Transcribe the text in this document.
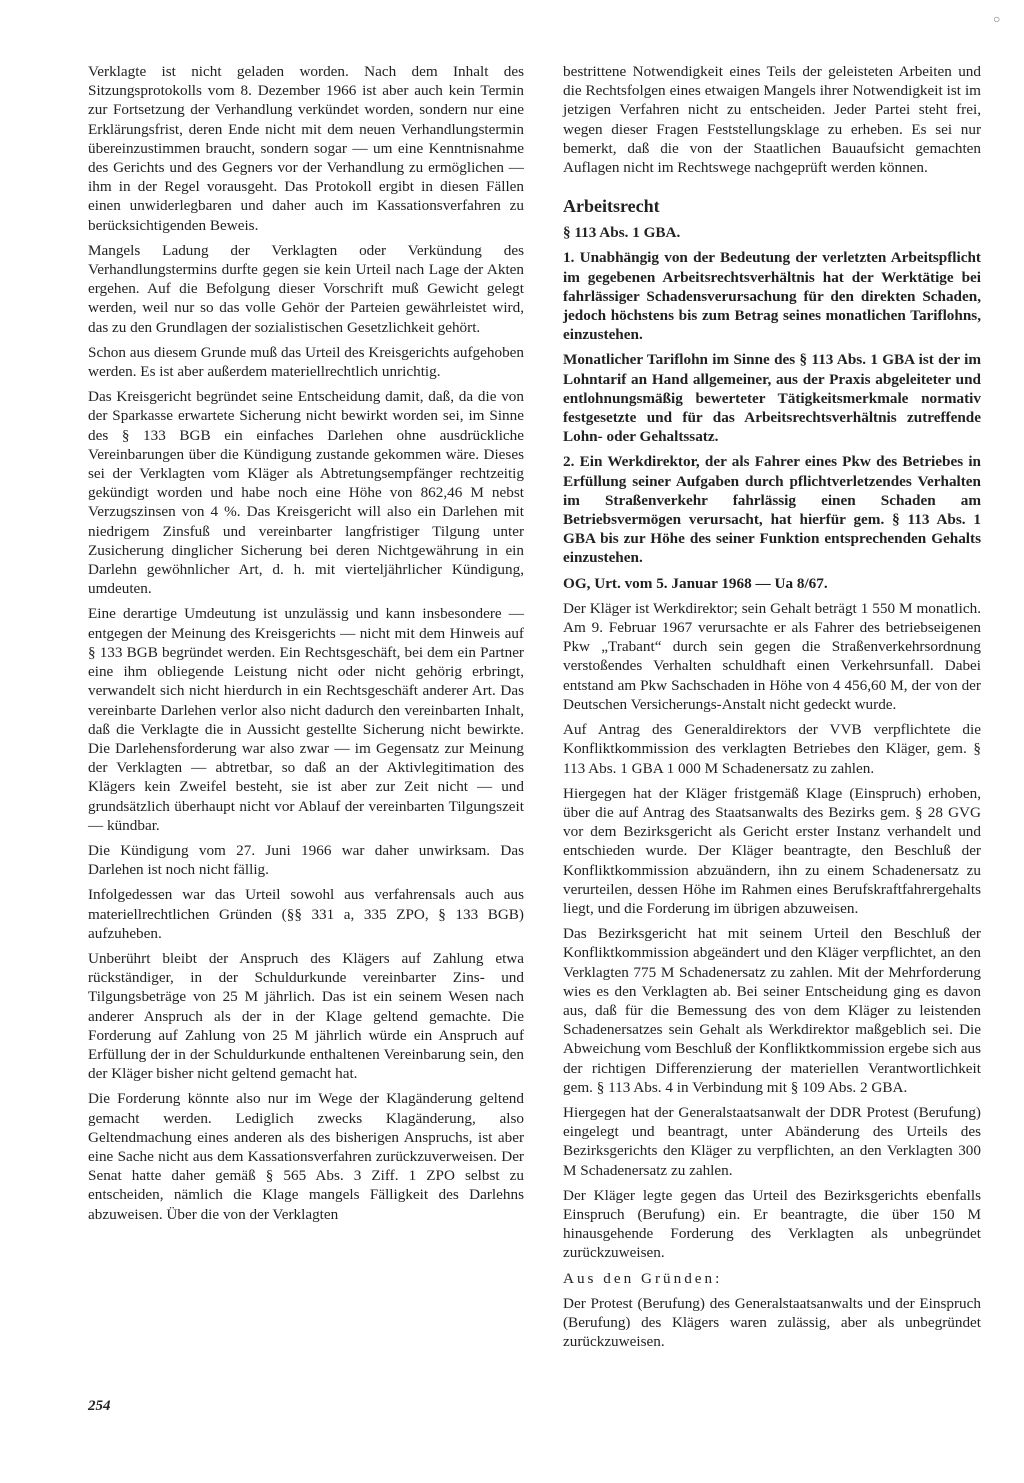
○

Verklagte ist nicht geladen worden. Nach dem Inhalt des Sitzungsprotokolls vom 8. Dezember 1966 ist aber auch kein Termin zur Fortsetzung der Verhandlung verkündet worden, sondern nur eine Erklärungsfrist, deren Ende nicht mit dem neuen Verhandlungstermin übereinzustimmen braucht, sondern sogar — um eine Kenntnisnahme des Gerichts und des Gegners vor der Verhandlung zu ermöglichen — ihm in der Regel vorausgeht. Das Protokoll ergibt in diesen Fällen einen unwiderlegbaren und daher auch im Kassationsverfahren zu berücksichtigenden Beweis.

Mangels Ladung der Verklagten oder Verkündung des Verhandlungstermins durfte gegen sie kein Urteil nach Lage der Akten ergehen. Auf die Befolgung dieser Vorschrift muß Gewicht gelegt werden, weil nur so das volle Gehör der Parteien gewährleistet wird, das zu den Grundlagen der sozialistischen Gesetzlichkeit gehört.

Schon aus diesem Grunde muß das Urteil des Kreisgerichts aufgehoben werden. Es ist aber außerdem materiellrechtlich unrichtig.

Das Kreisgericht begründet seine Entscheidung damit, daß, da die von der Sparkasse erwartete Sicherung nicht bewirkt worden sei, im Sinne des § 133 BGB ein einfaches Darlehen ohne ausdrückliche Vereinbarungen über die Kündigung zustande gekommen wäre. Dieses sei der Verklagten vom Kläger als Abtretungsempfänger rechtzeitig gekündigt worden und habe noch eine Höhe von 862,46 M nebst Verzugszinsen von 4 %. Das Kreisgericht will also ein Darlehen mit niedrigem Zinsfuß und vereinbarter langfristiger Tilgung unter Zusicherung dinglicher Sicherung bei deren Nichtgewährung in ein Darlehn gewöhnlicher Art, d. h. mit vierteljährlicher Kündigung, umdeuten.

Eine derartige Umdeutung ist unzulässig und kann insbesondere — entgegen der Meinung des Kreisgerichts — nicht mit dem Hinweis auf § 133 BGB begründet werden. Ein Rechtsgeschäft, bei dem ein Partner eine ihm obliegende Leistung nicht oder nicht gehörig erbringt, verwandelt sich nicht hierdurch in ein Rechtsgeschäft anderer Art. Das vereinbarte Darlehen verlor also nicht dadurch den vereinbarten Inhalt, daß die Verklagte die in Aussicht gestellte Sicherung nicht bewirkte. Die Darlehensforderung war also zwar — im Gegensatz zur Meinung der Verklagten — abtretbar, so daß an der Aktivlegitimation des Klägers kein Zweifel besteht, sie ist aber zur Zeit nicht — und grundsätzlich überhaupt nicht vor Ablauf der vereinbarten Tilgungszeit — kündbar.

Die Kündigung vom 27. Juni 1966 war daher unwirksam. Das Darlehen ist noch nicht fällig.

Infolgedessen war das Urteil sowohl aus verfahrensals auch aus materiellrechtlichen Gründen (§§ 331 a, 335 ZPO, § 133 BGB) aufzuheben.

Unberührt bleibt der Anspruch des Klägers auf Zahlung etwa rückständiger, in der Schuldurkunde vereinbarter Zins- und Tilgungsbeträge von 25 M jährlich. Das ist ein seinem Wesen nach anderer Anspruch als der in der Klage geltend gemachte. Die Forderung auf Zahlung von 25 M jährlich würde ein Anspruch auf Erfüllung der in der Schuldurkunde enthaltenen Vereinbarung sein, den der Kläger bisher nicht geltend gemacht hat.

Die Forderung könnte also nur im Wege der Klagänderung geltend gemacht werden. Lediglich zwecks Klagänderung, also Geltendmachung eines anderen als des bisherigen Anspruchs, ist aber eine Sache nicht aus dem Kassationsverfahren zurückzuverweisen. Der Senat hatte daher gemäß § 565 Abs. 3 Ziff. 1 ZPO selbst zu entscheiden, nämlich die Klage mangels Fälligkeit des Darlehns abzuweisen. Über die von der Verklagten

bestrittene Notwendigkeit eines Teils der geleisteten Arbeiten und die Rechtsfolgen eines etwaigen Mangels ihrer Notwendigkeit ist im jetzigen Verfahren nicht zu entscheiden. Jeder Partei steht frei, wegen dieser Fragen Feststellungsklage zu erheben. Es sei nur bemerkt, daß die von der Staatlichen Bauaufsicht gemachten Auflagen nicht im Rechtswege nachgeprüft werden können.

Arbeitsrecht

§ 113 Abs. 1 GBA.

1. Unabhängig von der Bedeutung der verletzten Arbeitspflicht im gegebenen Arbeitsrechtsverhältnis hat der Werktätige bei fahrlässiger Schadensverursachung für den direkten Schaden, jedoch höchstens bis zum Betrag seines monatlichen Tariflohns, einzustehen.

Monatlicher Tariflohn im Sinne des § 113 Abs. 1 GBA ist der im Lohntarif an Hand allgemeiner, aus der Praxis abgeleiteter und entlohnungsmäßig bewerteter Tätigkeitsmerkmale normativ festgesetzte und für das Arbeitsrechtsverhältnis zutreffende Lohn- oder Gehaltssatz.

2. Ein Werkdirektor, der als Fahrer eines Pkw des Betriebes in Erfüllung seiner Aufgaben durch pflichtverletzendes Verhalten im Straßenverkehr fahrlässig einen Schaden am Betriebsvermögen verursacht, hat hierfür gem. § 113 Abs. 1 GBA bis zur Höhe des seiner Funktion entsprechenden Gehalts einzustehen.

OG, Urt. vom 5. Januar 1968 — Ua 8/67.

Der Kläger ist Werkdirektor; sein Gehalt beträgt 1 550 M monatlich. Am 9. Februar 1967 verursachte er als Fahrer des betriebseigenen Pkw „Trabant“ durch sein gegen die Straßenverkehrsordnung verstoßendes Verhalten schuldhaft einen Verkehrsunfall. Dabei entstand am Pkw Sachschaden in Höhe von 4 456,60 M, der von der Deutschen Versicherungs-Anstalt nicht gedeckt wurde.

Auf Antrag des Generaldirektors der VVB verpflichtete die Konfliktkommission des verklagten Betriebes den Kläger, gem. § 113 Abs. 1 GBA 1 000 M Schadenersatz zu zahlen.

Hiergegen hat der Kläger fristgemäß Klage (Einspruch) erhoben, über die auf Antrag des Staatsanwalts des Bezirks gem. § 28 GVG vor dem Bezirksgericht als Gericht erster Instanz verhandelt und entschieden wurde. Der Kläger beantragte, den Beschluß der Konfliktkommission abzuändern, ihn zu einem Schadenersatz zu verurteilen, dessen Höhe im Rahmen eines Berufskraftfahrergehalts liegt, und die Forderung im übrigen abzuweisen.

Das Bezirksgericht hat mit seinem Urteil den Beschluß der Konfliktkommission abgeändert und den Kläger verpflichtet, an den Verklagten 775 M Schadenersatz zu zahlen. Mit der Mehrforderung wies es den Verklagten ab. Bei seiner Entscheidung ging es davon aus, daß für die Bemessung des von dem Kläger zu leistenden Schadenersatzes sein Gehalt als Werkdirektor maßgeblich sei. Die Abweichung vom Beschluß der Konfliktkommission ergebe sich aus der richtigen Differenzierung der materiellen Verantwortlichkeit gem. § 113 Abs. 4 in Verbindung mit § 109 Abs. 2 GBA.

Hiergegen hat der Generalstaatsanwalt der DDR Protest (Berufung) eingelegt und beantragt, unter Abänderung des Urteils des Bezirksgerichts den Kläger zu verpflichten, an den Verklagten 300 M Schadenersatz zu zahlen.

Der Kläger legte gegen das Urteil des Bezirksgerichts ebenfalls Einspruch (Berufung) ein. Er beantragte, die über 150 M hinausgehende Forderung des Verklagten als unbegründet zurückzuweisen.

Aus den Gründen:

Der Protest (Berufung) des Generalstaatsanwalts und der Einspruch (Berufung) des Klägers waren zulässig, aber als unbegründet zurückzuweisen.

254
